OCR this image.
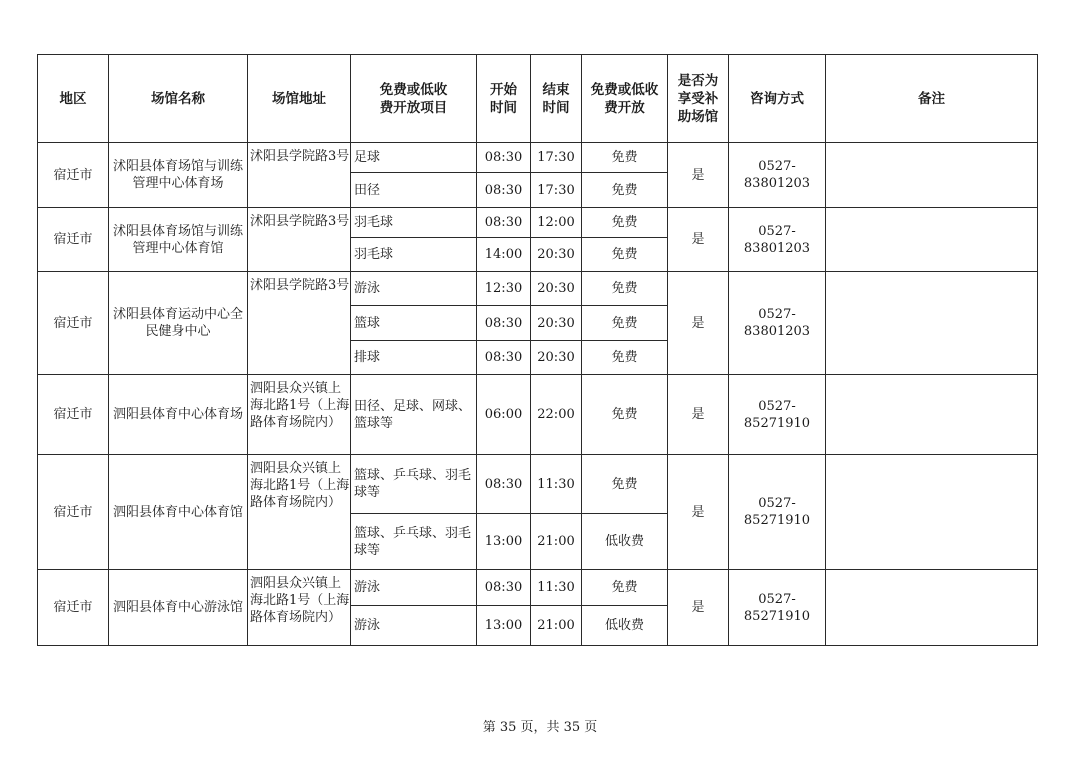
地区	场馆名称	场馆地址	免费或低收费开放项目	开始时间	结束时间	免费或低收费开放	是否为享受补助场馆	咨询方式	备注
宿迁市	沭阳县体育场馆与训练管理中心体育场	沭阳县学院路3号	足球	08:30	17:30	免费	是	0527-83801203	
			田径	08:30	17:30	免费			
宿迁市	沭阳县体育场馆与训练管理中心体育馆	沭阳县学院路3号	羽毛球	08:30	12:00	免费	是	0527-83801203	
			羽毛球	14:00	20:30	免费			
宿迁市	沭阳县体育运动中心全民健身中心	沭阳县学院路3号	游泳	12:30	20:30	免费	是	0527-83801203	
			篮球	08:30	20:30	免费			
			排球	08:30	20:30	免费			
宿迁市	泗阳县体育中心体育场	泗阳县众兴镇上海北路1号（上海路体育场院内）	田径、足球、网球、篮球等	06:00	22:00	免费	是	0527-85271910	
宿迁市	泗阳县体育中心体育馆	泗阳县众兴镇上海北路1号（上海路体育场院内）	篮球、乒乓球、羽毛球等	08:30	11:30	免费	是	0527-85271910	
			篮球、乒乓球、羽毛球等	13:00	21:00	低收费			
宿迁市	泗阳县体育中心游泳馆	泗阳县众兴镇上海北路1号（上海路体育场院内）	游泳	08:30	11:30	免费	是	0527-85271910	
			游泳	13:00	21:00	低收费			
第 35 页，共 35 页
